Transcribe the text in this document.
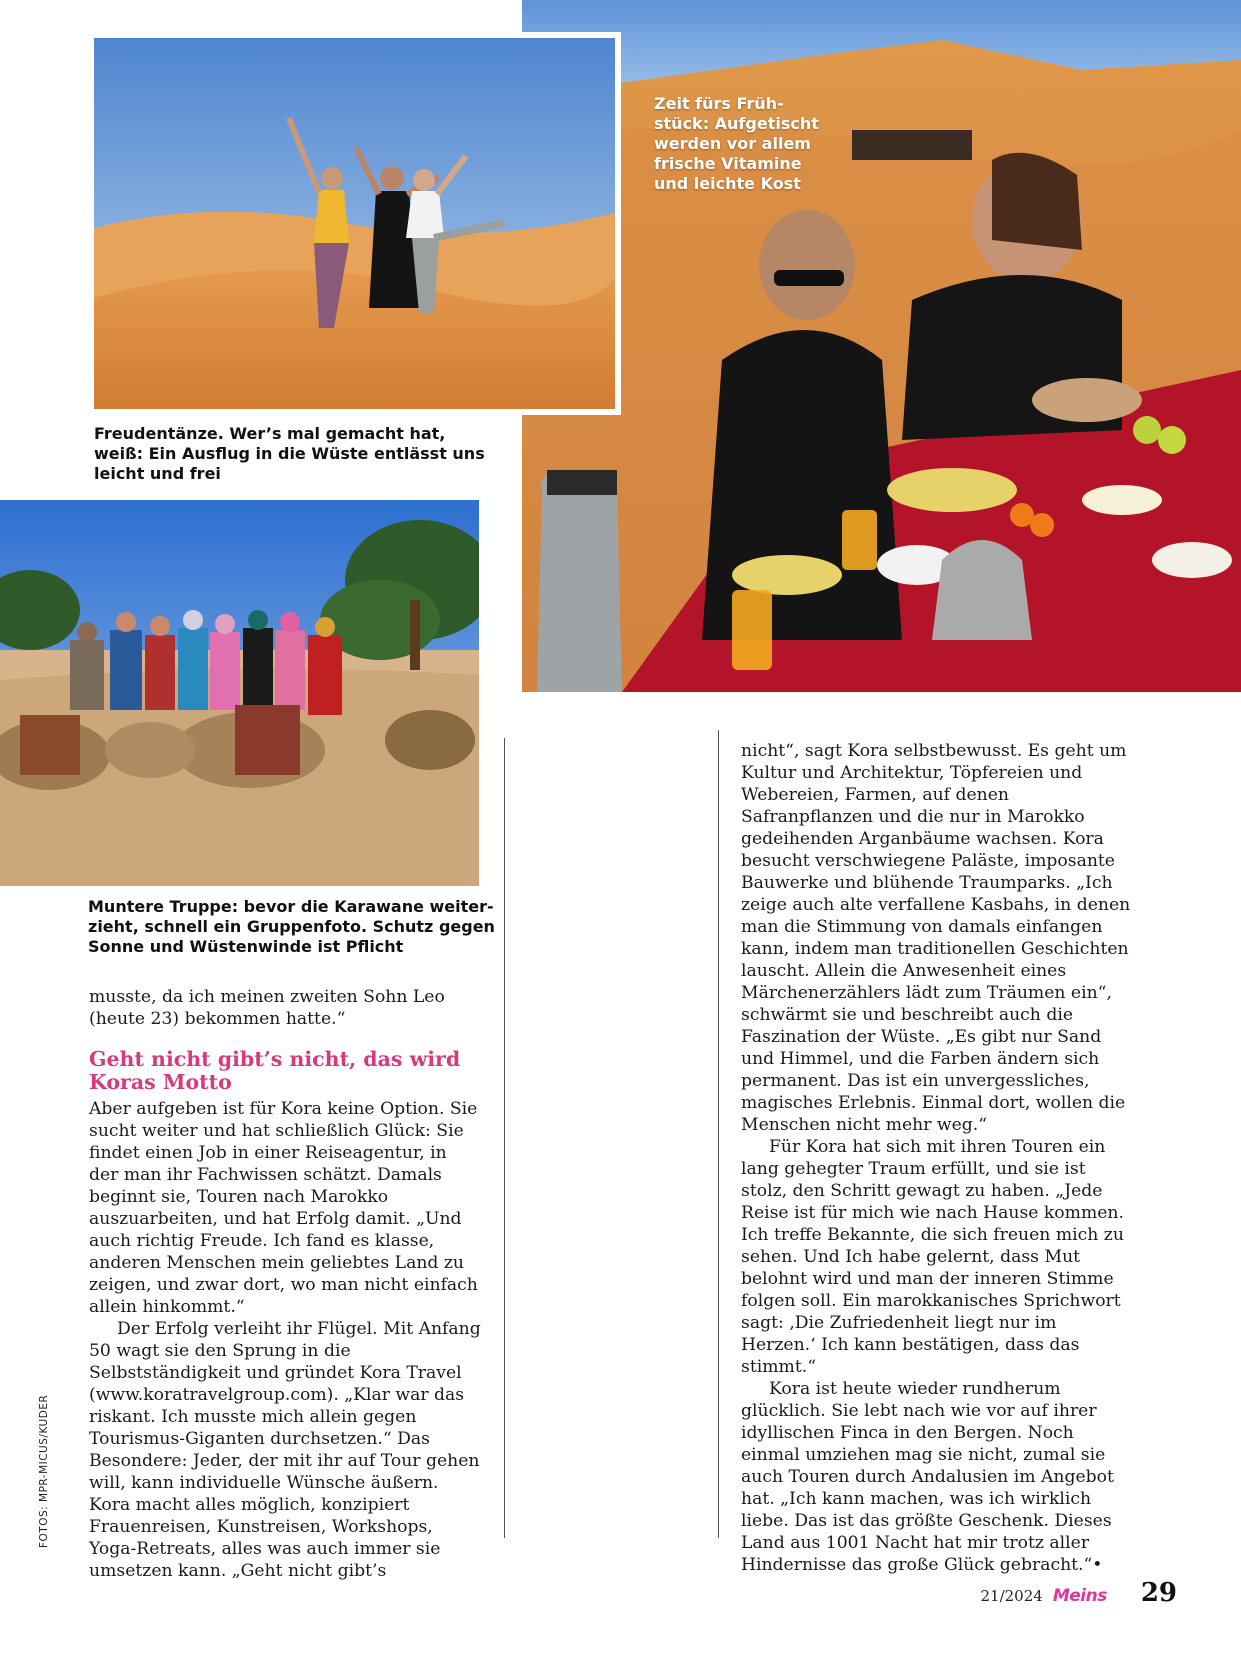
Zeit fürs Früh-
stück: Aufgetischt
werden vor allem
frische Vitamine
und leichte Kost
Freudentänze. Wer’s mal gemacht hat,
weiß: Ein Ausflug in die Wüste entlässt uns
leicht und frei
Muntere Truppe: bevor die Karawane weiter-
zieht, schnell ein Gruppenfoto. Schutz gegen
Sonne und Wüstenwinde ist Pflicht

musste, da ich meinen zweiten Sohn Leo (heute 23) bekommen hatte.“

Geht nicht gibt’s nicht, das wird Koras Motto

Aber aufgeben ist für Kora keine Option. Sie sucht weiter und hat schließlich Glück: Sie findet einen Job in einer Reiseagentur, in der man ihr Fachwissen schätzt. Damals beginnt sie, Touren nach Marokko auszuarbeiten, und hat Erfolg damit. „Und auch richtig Freude. Ich fand es klasse, anderen Menschen mein geliebtes Land zu zeigen, und zwar dort, wo man nicht einfach allein hinkommt.“

Der Erfolg verleiht ihr Flügel. Mit Anfang 50 wagt sie den Sprung in die Selbstständigkeit und gründet Kora Travel (www.koratravelgroup.com). „Klar war das riskant. Ich musste mich allein gegen Tourismus-Giganten durchsetzen.“ Das Besondere: Jeder, der mit ihr auf Tour gehen will, kann individuelle Wünsche äußern. Kora macht alles möglich, konzipiert Frauenreisen, Kunstreisen, Workshops, Yoga-Retreats, alles was auch immer sie umsetzen kann. „Geht nicht gibt’s

nicht“, sagt Kora selbstbewusst. Es geht um Kultur und Architektur, Töpfereien und Webereien, Farmen, auf denen Safranpflanzen und die nur in Marokko gedeihenden Arganbäume wachsen. Kora besucht verschwiegene Paläste, imposante Bauwerke und blühende Traumparks. „Ich zeige auch alte verfallene Kasbahs, in denen man die Stimmung von damals einfangen kann, indem man traditionellen Geschichten lauscht. Allein die Anwesenheit eines Märchenerzählers lädt zum Träumen ein“, schwärmt sie und beschreibt auch die Faszination der Wüste. „Es gibt nur Sand und Himmel, und die Farben ändern sich permanent. Das ist ein unvergessliches, magisches Erlebnis. Einmal dort, wollen die Menschen nicht mehr weg.“

Für Kora hat sich mit ihren Touren ein lang gehegter Traum erfüllt, und sie ist stolz, den Schritt gewagt zu haben. „Jede Reise ist für mich wie nach Hause kommen. Ich treffe Bekannte, die sich freuen mich zu sehen. Und Ich habe gelernt, dass Mut belohnt wird und man der inneren Stimme folgen soll. Ein marokkanisches Sprichwort sagt: ‚Die Zufriedenheit liegt nur im Herzen.‘ Ich kann bestätigen, dass das stimmt.“

Kora ist heute wieder rundherum glücklich. Sie lebt nach wie vor auf ihrer idyllischen Finca in den Bergen. Noch einmal umziehen mag sie nicht, zumal sie auch Touren durch Andalusien im Angebot hat. „Ich kann machen, was ich wirklich liebe. Das ist das größte Geschenk. Dieses Land aus 1001 Nacht hat mir trotz aller Hindernisse das große Glück gebracht.“•

FOTOS: MPR-MICUS/KUDER
21/2024 Meins 29
